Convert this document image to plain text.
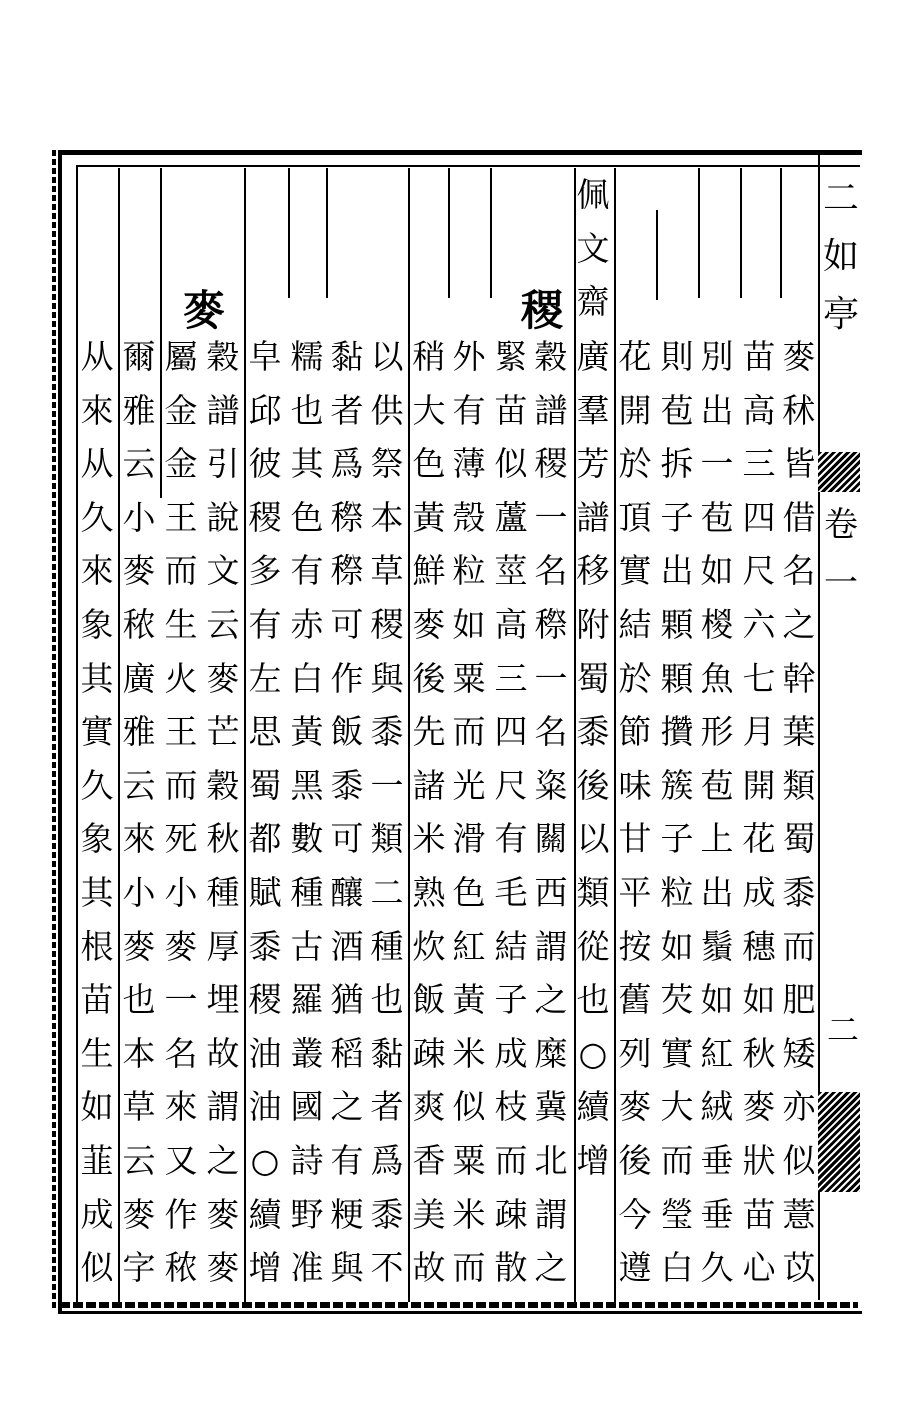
二
如
亭
卷
一
二
稷
麥
麥
秫
皆
借
名
之
幹
葉
類
蜀
黍
而
肥
矮
亦
似
薏
苡
苗
高
三
四
尺
六
七
月
開
花
成
穗
如
秋
麥
狀
苗
心
別
出
一
苞
如
椶
魚
形
苞
上
出
鬚
如
紅
絨
垂
垂
久
則
苞
拆
子
出
顆
顆
攢
簇
子
粒
如
芡
實
大
而
瑩
白
花
開
於
頂
實
結
於
節
味
甘
平
按
舊
列
麥
後
今
遵
廣
羣
芳
譜
移
附
蜀
黍
後
以
類
從
也
○
續
增
佩
文
齋
穀
譜
稷
一
名
穄
一
名
粢
關
西
謂
之
糜
冀
北
謂
之
緊
苗
似
蘆
莖
高
三
四
尺
有
毛
結
子
成
枝
而
疎
散
外
有
薄
殼
粒
如
粟
而
光
滑
色
紅
黃
米
似
粟
米
而
稍
大
色
黃
鮮
麥
後
先
諸
米
熟
炊
飯
疎
爽
香
美
故
以
供
祭
本
草
稷
與
黍
一
類
二
種
也
黏
者
爲
黍
不
黏
者
爲
穄
穄
可
作
飯
黍
可
釀
酒
猶
稻
之
有
粳
與
糯
也
其
色
有
赤
白
黃
黑
數
種
古
羅
叢
國
詩
野
准
皁
邱
彼
稷
多
有
左
思
蜀
都
賦
黍
稷
油
油
○
續
增
穀
譜
引
說
文
云
麥
芒
穀
秋
種
厚
埋
故
謂
之
麥
麥
屬
金
金
王
而
生
火
王
而
死
小
麥
一
名
來
又
作
秾
爾
雅
云
小
麥
秾
廣
雅
云
來
小
麥
也
本
草
云
麥
字
从
來
从
久
來
象
其
實
久
象
其
根
苗
生
如
韮
成
似
